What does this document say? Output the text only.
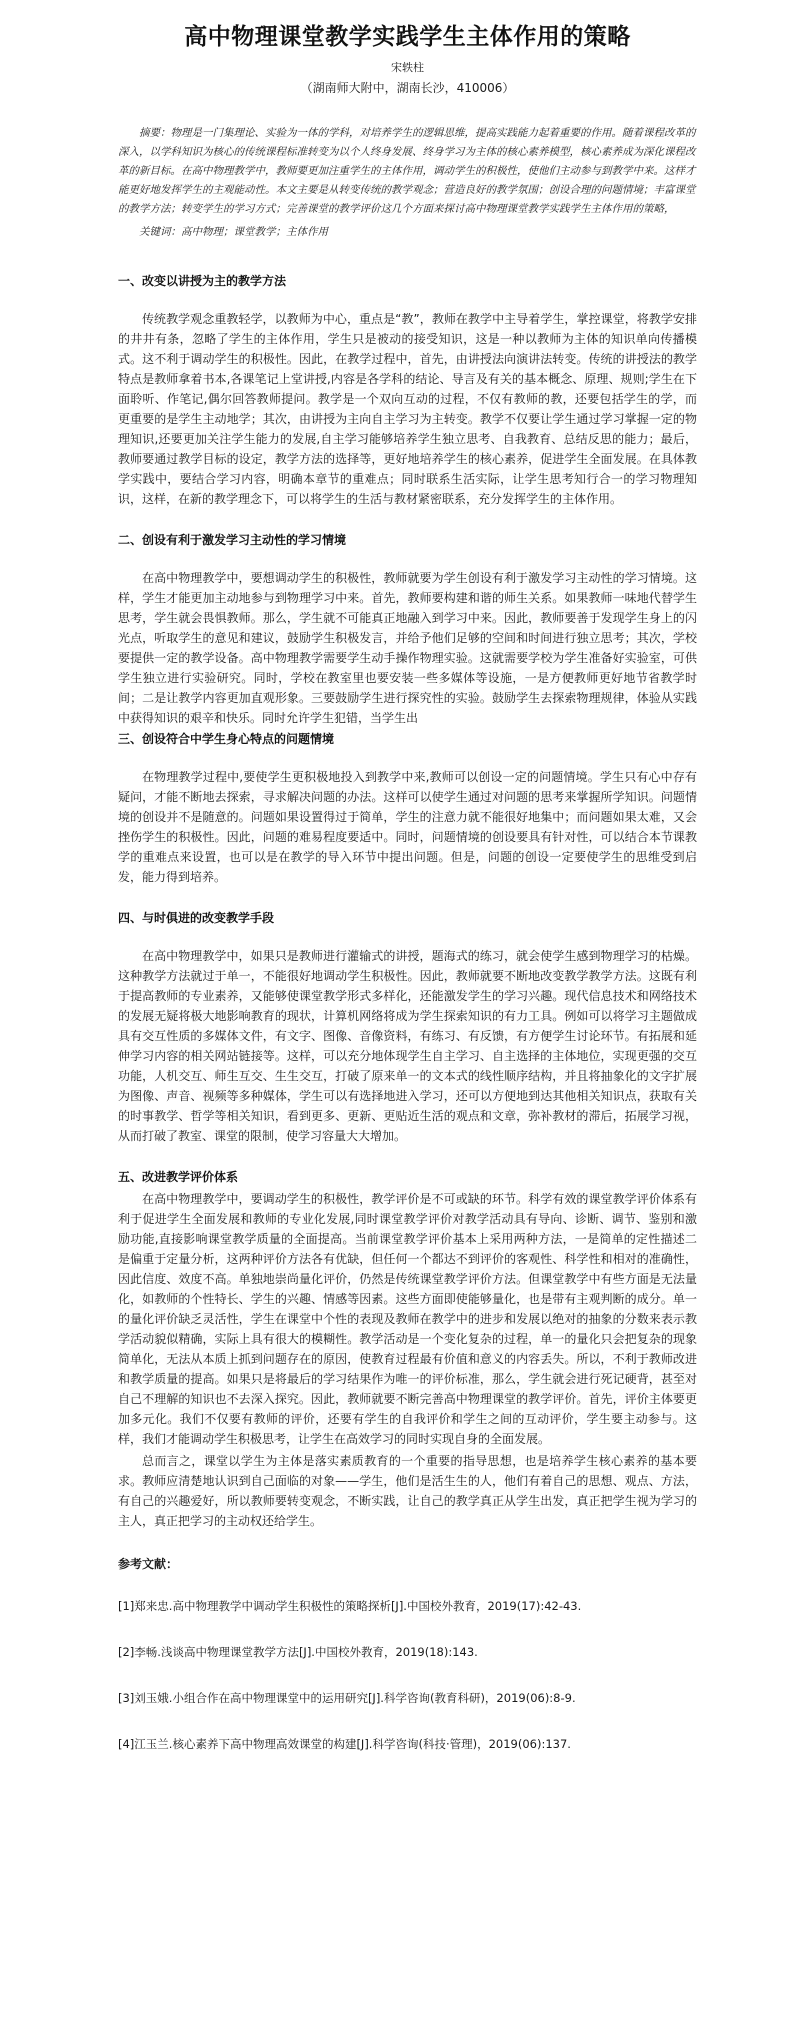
高中物理课堂教学实践学生主体作用的策略
宋轶柱
（湖南师大附中，湖南长沙，410006）
摘要：物理是一门集理论、实验为一体的学科，对培养学生的逻辑思维，提高实践能力起着重要的作用。随着课程改革的深入，以学科知识为核心的传统课程标准转变为以个人终身发展、终身学习为主体的核心素养模型，核心素养成为深化课程改革的新目标。在高中物理教学中，教师要更加注重学生的主体作用，调动学生的积极性，使他们主动参与到教学中来。这样才能更好地发挥学生的主观能动性。本文主要是从转变传统的教学观念；营造良好的教学氛围；创设合理的问题情境；丰富课堂的教学方法；转变学生的学习方式；完善课堂的教学评价这几个方面来探讨高中物理课堂教学实践学生主体作用的策略，
关键词：高中物理；课堂教学；主体作用
一、改变以讲授为主的教学方法
传统教学观念重教轻学，以教师为中心，重点是“教”，教师在教学中主导着学生，掌控课堂，将教学安排的井井有条，忽略了学生的主体作用，学生只是被动的接受知识，这是一种以教师为主体的知识单向传播模式。这不利于调动学生的积极性。因此，在教学过程中，首先，由讲授法向演讲法转变。传统的讲授法的教学特点是教师拿着书本,各课笔记上堂讲授,内容是各学科的结论、导言及有关的基本概念、原理、规则;学生在下面聆听、作笔记,偶尔回答教师提问。教学是一个双向互动的过程，不仅有教师的教，还要包括学生的学，而更重要的是学生主动地学；其次，由讲授为主向自主学习为主转变。教学不仅要让学生通过学习掌握一定的物理知识,还要更加关注学生能力的发展,自主学习能够培养学生独立思考、自我教育、总结反思的能力；最后，教师要通过教学目标的设定，教学方法的选择等，更好地培养学生的核心素养，促进学生全面发展。在具体教学实践中，要结合学习内容，明确本章节的重难点；同时联系生活实际，让学生思考知行合一的学习物理知识，这样，在新的教学理念下，可以将学生的生活与教材紧密联系，充分发挥学生的主体作用。
二、创设有利于激发学习主动性的学习情境
在高中物理教学中，要想调动学生的积极性，教师就要为学生创设有利于激发学习主动性的学习情境。这样，学生才能更加主动地参与到物理学习中来。首先，教师要构建和谐的师生关系。如果教师一味地代替学生思考，学生就会畏惧教师。那么，学生就不可能真正地融入到学习中来。因此，教师要善于发现学生身上的闪光点，听取学生的意见和建议，鼓励学生积极发言，并给予他们足够的空间和时间进行独立思考；其次，学校要提供一定的教学设备。高中物理教学需要学生动手操作物理实验。这就需要学校为学生准备好实验室，可供学生独立进行实验研究。同时，学校在教室里也要安装一些多媒体等设施，一是方便教师更好地节省教学时间；二是让教学内容更加直观形象。三要鼓励学生进行探究性的实验。鼓励学生去探索物理规律，体验从实践中获得知识的艰辛和快乐。同时允许学生犯错，当学生出
三、创设符合中学生身心特点的问题情境
在物理教学过程中,要使学生更积极地投入到教学中来,教师可以创设一定的问题情境。学生只有心中存有疑问，才能不断地去探索，寻求解决问题的办法。这样可以使学生通过对问题的思考来掌握所学知识。问题情境的创设并不是随意的。问题如果设置得过于简单，学生的注意力就不能很好地集中；而问题如果太难，又会挫伤学生的积极性。因此，问题的难易程度要适中。同时，问题情境的创设要具有针对性，可以结合本节课教学的重难点来设置，也可以是在教学的导入环节中提出问题。但是，问题的创设一定要使学生的思维受到启发，能力得到培养。
四、与时俱进的改变教学手段
在高中物理教学中，如果只是教师进行灌输式的讲授，题海式的练习，就会使学生感到物理学习的枯燥。这种教学方法就过于单一，不能很好地调动学生积极性。因此，教师就要不断地改变教学教学方法。这既有利于提高教师的专业素养，又能够使课堂教学形式多样化，还能激发学生的学习兴趣。现代信息技术和网络技术的发展无疑将极大地影响教育的现状，计算机网络将成为学生探索知识的有力工具。例如可以将学习主题做成具有交互性质的多媒体文件，有文字、图像、音像资料，有练习、有反馈，有方便学生讨论环节。有拓展和延伸学习内容的相关网站链接等。这样，可以充分地体现学生自主学习、自主选择的主体地位，实现更强的交互功能，人机交互、师生互交、生生交互，打破了原来单一的文本式的线性顺序结构，并且将抽象化的文字扩展为图像、声音、视频等多种媒体，学生可以有选择地进入学习，还可以方便地到达其他相关知识点，获取有关的时事教学、哲学等相关知识，看到更多、更新、更贴近生活的观点和文章，弥补教材的滞后，拓展学习视，从而打破了教室、课堂的限制，使学习容量大大增加。
五、改进教学评价体系
在高中物理教学中，要调动学生的积极性，教学评价是不可或缺的环节。科学有效的课堂教学评价体系有利于促进学生全面发展和教师的专业化发展,同时课堂教学评价对教学活动具有导向、诊断、调节、鉴别和激励功能,直接影响课堂教学质量的全面提高。当前课堂教学评价基本上采用两种方法，一是简单的定性描述二是偏重于定量分析，这两种评价方法各有优缺，但任何一个都达不到评价的客观性、科学性和相对的准确性，因此信度、效度不高。单独地崇尚量化评价，仍然是传统课堂教学评价方法。但课堂教学中有些方面是无法量化，如教师的个性特长、学生的兴趣、情感等因素。这些方面即使能够量化，也是带有主观判断的成分。单一的量化评价缺乏灵活性，学生在课堂中个性的表现及教师在教学中的进步和发展以绝对的抽象的分数来表示教学活动貌似精确，实际上具有很大的模糊性。教学活动是一个变化复杂的过程，单一的量化只会把复杂的现象简单化，无法从本质上抓到问题存在的原因，使教育过程最有价值和意义的内容丢失。所以，不利于教师改进和教学质量的提高。如果只是将最后的学习结果作为唯一的评价标准，那么，学生就会进行死记硬背，甚至对自己不理解的知识也不去深入探究。因此，教师就要不断完善高中物理课堂的教学评价。首先，评价主体要更加多元化。我们不仅要有教师的评价，还要有学生的自我评价和学生之间的互动评价，学生要主动参与。这样，我们才能调动学生积极思考，让学生在高效学习的同时实现自身的全面发展。
总而言之，课堂以学生为主体是落实素质教育的一个重要的指导思想，也是培养学生核心素养的基本要求。教师应清楚地认识到自己面临的对象——学生，他们是活生生的人，他们有着自己的思想、观点、方法，有自己的兴趣爱好，所以教师要转变观念，不断实践，让自己的教学真正从学生出发，真正把学生视为学习的主人，真正把学习的主动权还给学生。
参考文献：
[1]郑来忠.高中物理教学中调动学生积极性的策略探析[J].中国校外教育，2019(17):42-43.
[2]李畅.浅谈高中物理课堂教学方法[J].中国校外教育，2019(18):143.
[3]刘玉娥.小组合作在高中物理课堂中的运用研究[J].科学咨询(教育科研)，2019(06):8-9.
[4]江玉兰.核心素养下高中物理高效课堂的构建[J].科学咨询(科技·管理)，2019(06):137.
